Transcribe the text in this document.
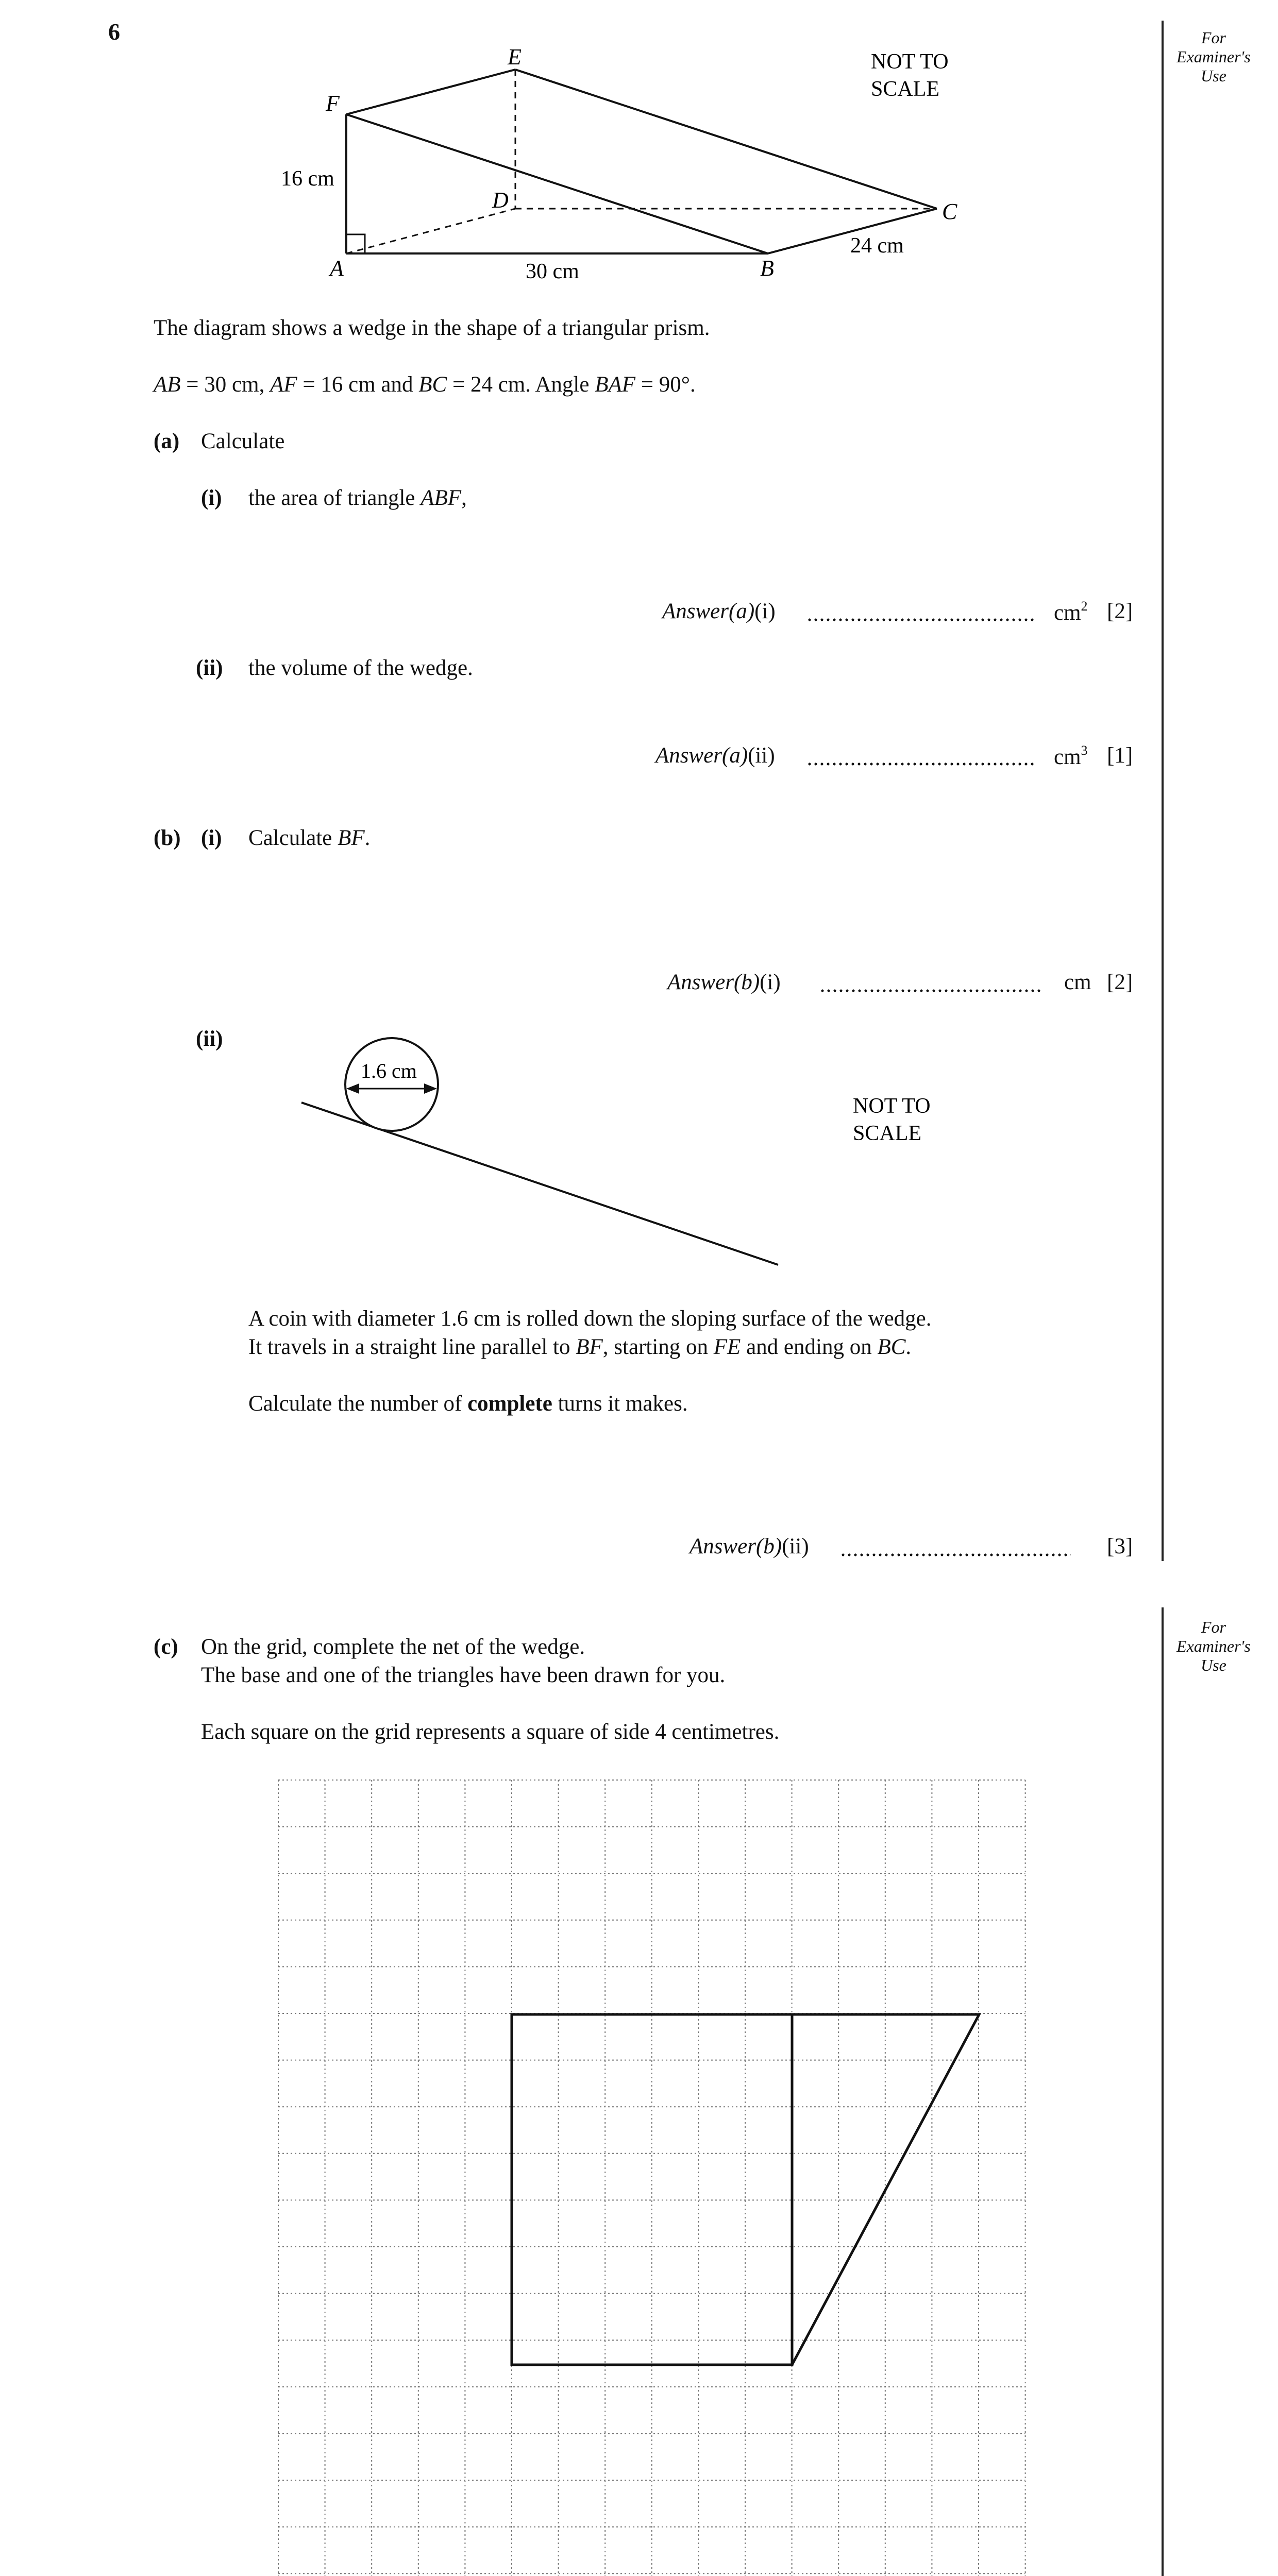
6	For Examiner's Use
For Examiner's Use
E
F
D	C
A	B
16 cm
30 cm
24 cm
NOT TO
SCALE
The diagram shows a wedge in the shape of a triangular prism.
AB = 30 cm, AF = 16 cm and BC = 24 cm. Angle BAF = 90°.
(a) Calculate
(i) the area of triangle ABF,
Answer(a)(i)	$cm^2$ [2]
(ii) the volume of the wedge.
Answer(a)(ii)	$cm^3$ [1]
(b) (i) Calculate BF.
Answer(b)(i)	cm [2]
(ii)
1.6 cm
NOT TO
SCALE
A coin with diameter 1.6 cm is rolled down the sloping surface of the wedge.
It travels in a straight line parallel to BF, starting on FE and ending on BC.
Calculate the number of complete turns it makes.
Answer(b)(ii)	[3]
(c) On the grid, complete the net of the wedge.
The base and one of the triangles have been drawn for you.
Each square on the grid represents a square of side 4 centimetres.
